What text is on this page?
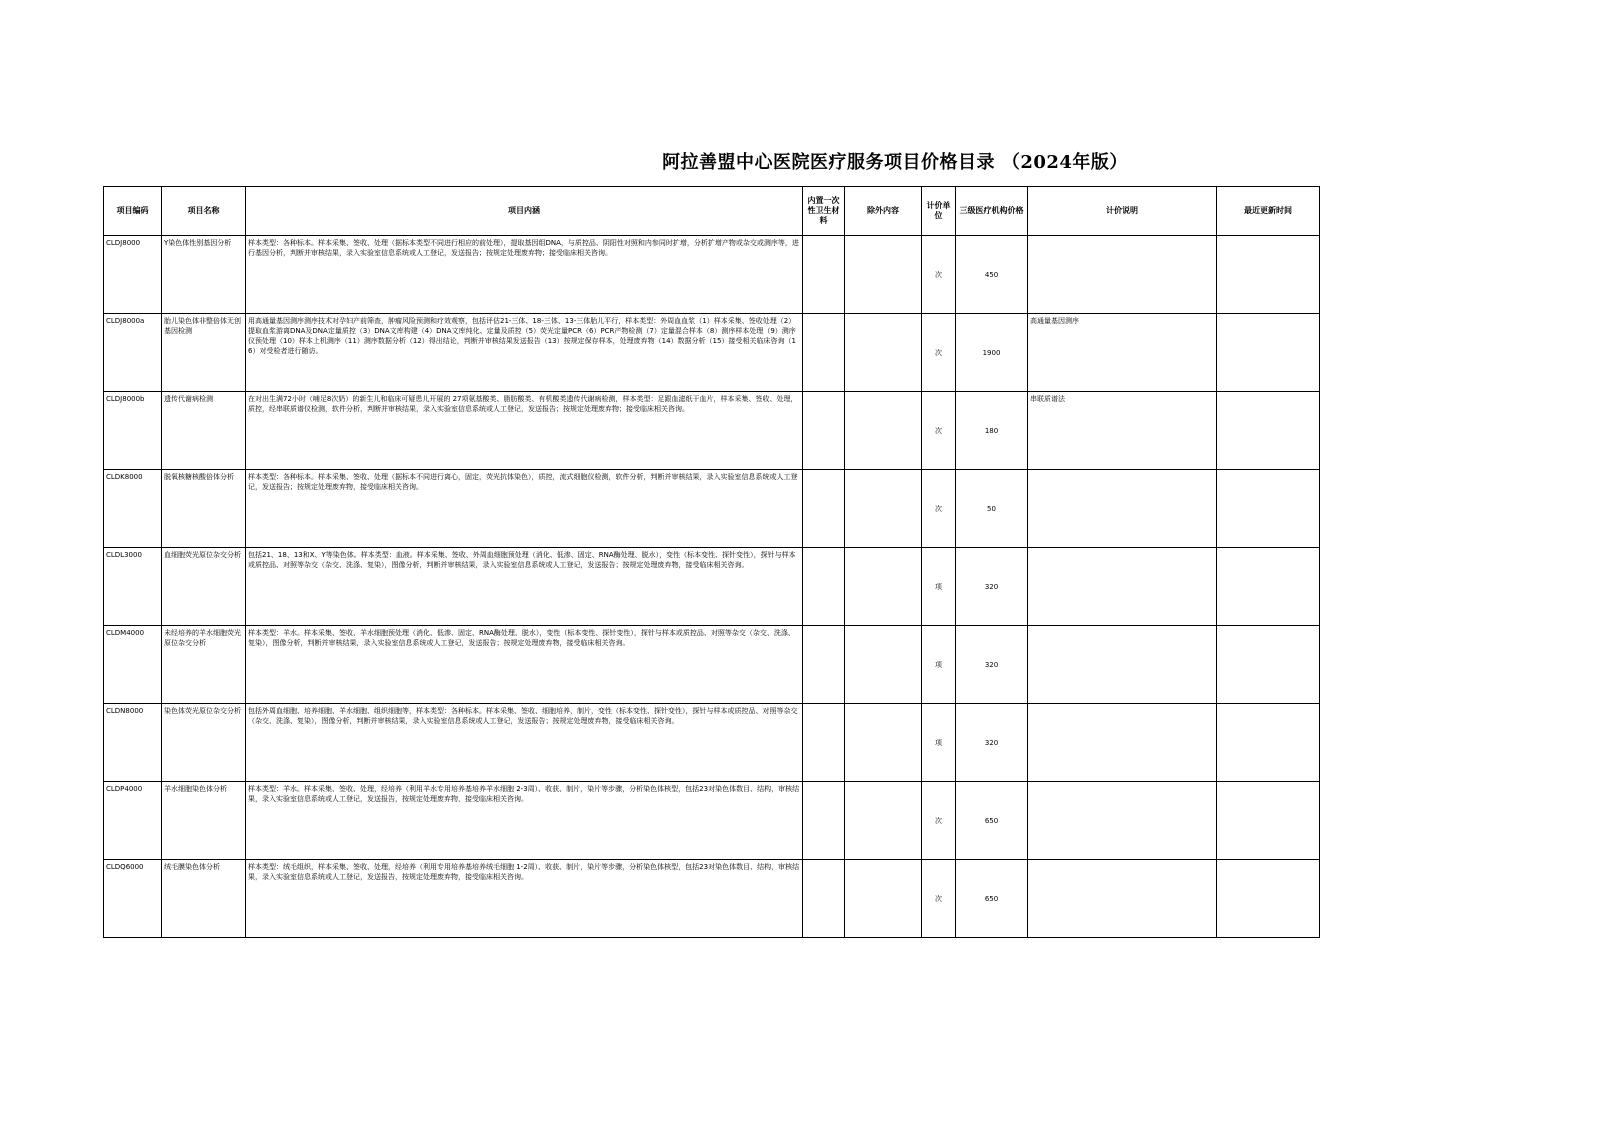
阿拉善盟中心医院医疗服务项目价格目录 （2024年版）
项目编码	项目名称	项目内涵	内置一次性卫生材料	除外内容	计价单位	三级医疗机构价格	计价说明	最近更新时间
CLDJ8000	Y染色体性别基因分析	样本类型：各种标本。样本采集、签收、处理（据标本类型不同进行相应的前处理），提取基因组DNA，与质控品、阴阳性对照和内参同时扩增，分析扩增产物或杂交或测序等，进行基因分析，判断并审核结果，录入实验室信息系统或人工登记，发送报告；按规定处理废弃物；接受临床相关咨询。			次	450		
CLDJ8000a	胎儿染色体非整倍体无创基因检测	用高通量基因测序测序技术对孕妇产前筛查，肿瘤风险预测和疗效观察，包括评估21-三体、18-三体、13-三体胎儿平行，样本类型：外周血血浆（1）样本采集、签收处理（2）提取血浆游离DNA及DNA定量质控（3）DNA文库构建（4）DNA文库纯化、定量及质控（5）荧光定量PCR（6）PCR产物检测（7）定量混合样本（8）测序样本处理（9）测序仪预处理（10）样本上机测序（11）测序数据分析（12）得出结论，判断并审核结果发送报告（13）按规定保存样本，处理废弃物（14）数据分析（15）接受相关临床咨询（16）对受检者进行随访。			次	1900	高通量基因测序	
CLDJ8000b	遗传代谢病检测	在对出生满72小时（哺足8次奶）的新生儿和临床可疑患儿开展的 27项氨基酸类、脂肪酸类、有机酸类遗传代谢病检测，样本类型：足跟血滤纸干血片，样本采集、签收、处理，质控，经串联质谱仪检测，软件分析，判断并审核结果，录入实验室信息系统或人工登记，发送报告；按规定处理废弃物；接受临床相关咨询。			次	180	串联质谱法	
CLDK8000	脱氧核糖核酸倍体分析	样本类型：各种标本。样本采集、签收、处理（据标本不同进行离心，固定，荧光抗体染色），质控，流式细胞仪检测，软件分析，判断并审核结果，录入实验室信息系统或人工登记，发送报告；按规定处理废弃物，接受临床相关咨询。			次	50		
CLDL3000	血细胞荧光原位杂交分析	包括21、18、13和X、Y等染色体。样本类型：血液。样本采集、签收、外周血细胞预处理（消化、低渗、固定、RNA酶处理、脱水），变性（标本变性、探针变性），探针与样本或质控品、对照等杂交（杂交、洗涤、复染），图像分析，判断并审核结果，录入实验室信息系统或人工登记，发送报告；按规定处理废弃物，接受临床相关咨询。			项	320		
CLDM4000	未经培养的羊水细胞荧光原位杂交分析	样本类型：羊水。样本采集、签收、羊水细胞预处理（消化、低渗、固定、RNA酶处理、脱水），变性（标本变性、探针变性），探针与样本或质控品、对照等杂交（杂交、洗涤、复染），图像分析，判断并审核结果，录入实验室信息系统或人工登记，发送报告；按规定处理废弃物，接受临床相关咨询。			项	320		
CLDN8000	染色体荧光原位杂交分析	包括外周血细胞、培养细胞、羊水细胞、组织细胞等，样本类型：各种标本。样本采集、签收、细胞培养，制片，变性（标本变性、探针变性），探针与样本或质控品、对照等杂交（杂交、洗涤、复染），图像分析，判断并审核结果，录入实验室信息系统或人工登记，发送报告；按规定处理废弃物，接受临床相关咨询。			项	320		
CLDP4000	羊水细胞染色体分析	样本类型：羊水。样本采集、签收、处理，经培养（利用羊水专用培养基培养羊水细胞 2-3周）、收获、制片，染片等步骤，分析染色体核型，包括23对染色体数目、结构，审核结果，录入实验室信息系统或人工登记，发送报告，按规定处理废弃物，接受临床相关咨询。			次	650		
CLDQ6000	绒毛膜染色体分析	样本类型：绒毛组织，样本采集、签收、处理，经培养（利用专用培养基培养绒毛细胞 1-2周）、收获、制片，染片等步骤，分析染色体核型，包括23对染色体数目、结构，审核结果，录入实验室信息系统或人工登记，发送报告，按规定处理废弃物，接受临床相关咨询。			次	650		
